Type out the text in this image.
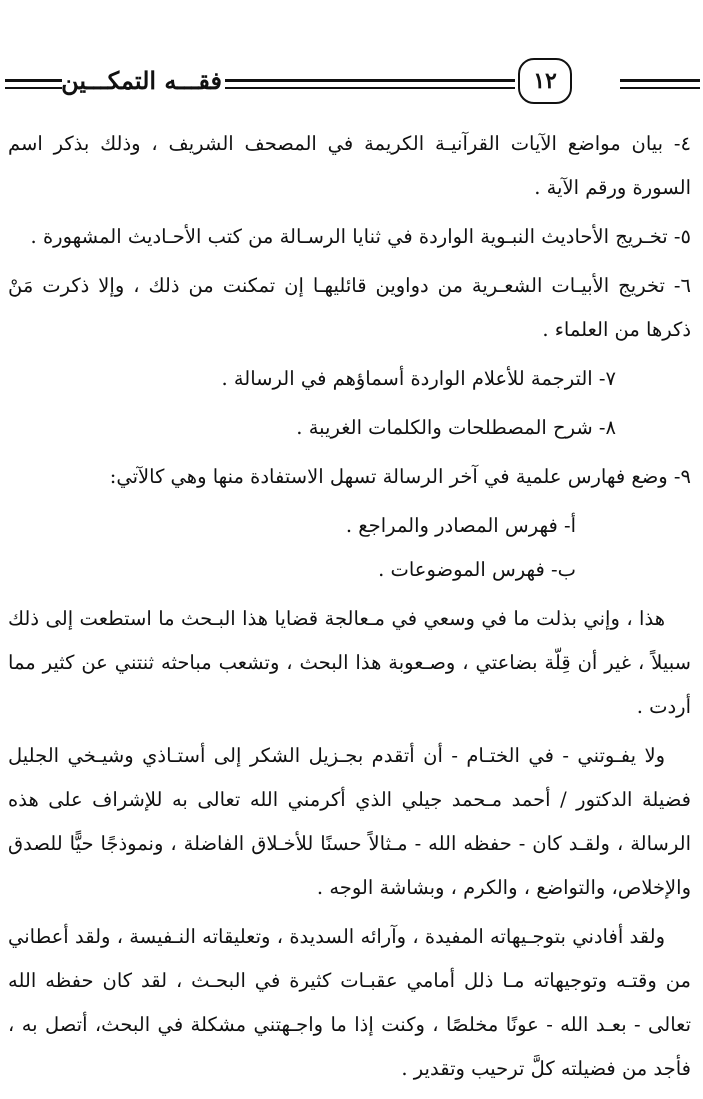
١٢
فقـــه التمكـــين

٤- بيان مواضع الآيات القرآنيـة الكريمة في المصحف الشريف ، وذلك بذكر اسم السورة ورقم الآية .

٥- تخـريج الأحاديث النبـوية الواردة في ثنايا الرسـالة من كتب الأحـاديث المشهورة .

٦- تخريج الأبيـات الشعـرية من دواوين قائليهـا إن تمكنت من ذلك ، وإلا ذكرت مَنْ ذكرها من العلماء .

٧- الترجمة للأعلام الواردة أسماؤهم في الرسالة .

٨- شرح المصطلحات والكلمات الغريبة .

٩- وضع فهارس علمية في آخر الرسالة تسهل الاستفادة منها وهي كالآتي:

أ- فهرس المصادر والمراجع .

ب- فهرس الموضوعات .

هذا ، وإني بذلت ما في وسعي في مـعالجة قضايا هذا البـحث ما استطعت إلى ذلك سبيلاً ، غير أن قِلّة بضاعتي ، وصـعوبة هذا البحث ، وتشعب مباحثه ثنتني عن كثير مما أردت .

ولا يفـوتني - في الختـام - أن أتقدم بجـزيل الشكر إلى أستـاذي وشيـخي الجليل فضيلة الدكتور / أحمد مـحمد جيلي الذي أكرمني الله تعالى به للإشراف على هذه الرسالة ، ولقـد كان - حفظه الله - مـثالاً حسنًا للأخـلاق الفاضلة ، ونموذجًا حيًّا للصدق والإخلاص، والتواضع ، والكرم ، وبشاشة الوجه .

ولقد أفادني بتوجـيهاته المفيدة ، وآرائه السديدة ، وتعليقاته النـفيسة ، ولقد أعطاني من وقتـه وتوجيهاته مـا ذلل أمامي عقبـات كثيرة في البحـث ، لقد كان حفظه الله تعالى - بعـد الله - عونًا مخلصًا ، وكنت إذا ما واجـهتني مشكلة في البحث، أتصل به ، فأجد من فضيلته كلَّ ترحيب وتقدير .
